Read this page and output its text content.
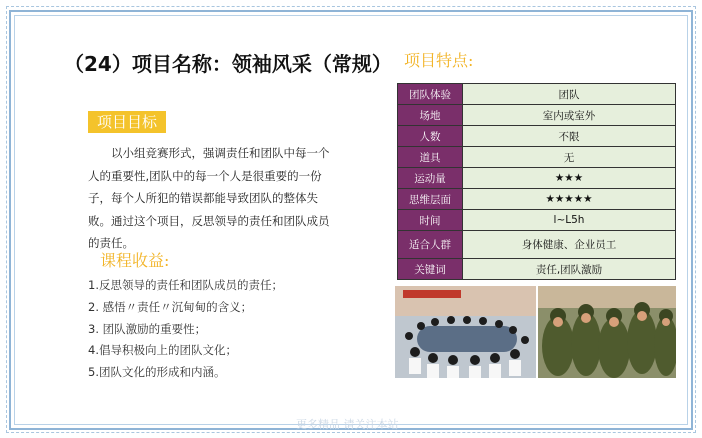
（24）项目名称：领袖风采（常规）
项目目标
以小组竞赛形式，强调责任和团队中每一个 人的重要性,团队中的每一个人是很重要的一份 子，每个人所犯的错误都能导致团队的整体失 败。通过这个项目，反思领导的责任和团队成员 的责任。
课程收益:
1.反思领导的责任和团队成员的责任；
2. 感悟〃责任〃沉甸甸的含义；
3. 团队激励的重要性；
4.倡导积极向上的团队文化；
5.团队文化的形成和内涵。
项目特点:
团队体验	团队
场地	室内或室外
人数	不限
道具	无
运动量	★★★
思维层面	★★★★★
时间	l~L5h
适合人群	身体健康、企业员工
关键词	责任,团队激励
更多精品 请关注本站
